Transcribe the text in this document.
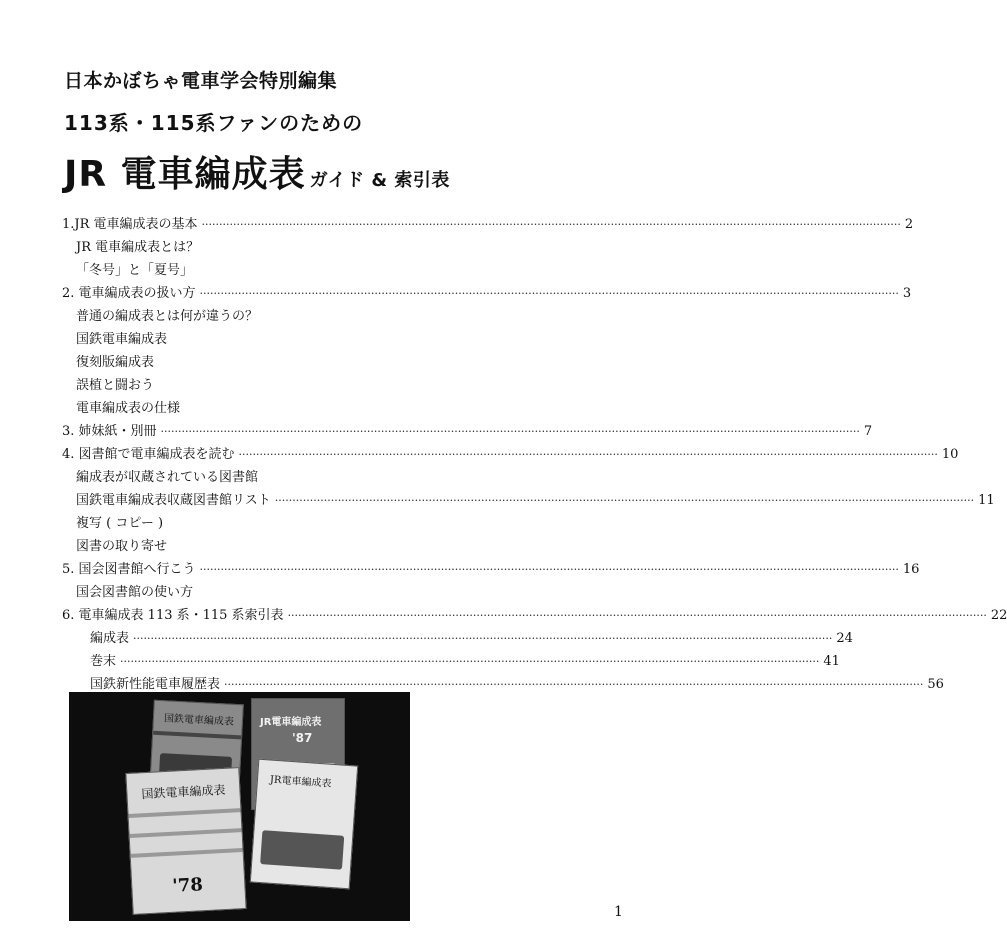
日本かぼちゃ電車学会特別編集
113系・115系ファンのための
JR 電車編成表 ガイド & 索引表
1.JR 電車編成表の基本 ········································································································································································································ 2
JR 電車編成表とは？
「冬号」と「夏号」
2. 電車編成表の扱い方 ········································································································································································································ 3
普通の編成表とは何が違うの？
国鉄電車編成表
復刻版編成表
誤植と闘おう
電車編成表の仕様
3. 姉妹紙・別冊 ········································································································································································································ 7
4. 図書館で電車編成表を読む ········································································································································································································ 10
編成表が収蔵されている図書館
国鉄電車編成表収蔵図書館リスト ········································································································································································································ 11
複写 ( コピー )
図書の取り寄せ
5. 国会図書館へ行こう ········································································································································································································ 16
国会図書館の使い方
6. 電車編成表 113 系・115 系索引表 ········································································································································································································ 22
編成表 ········································································································································································································ 24
巻末 ········································································································································································································ 41
国鉄新性能電車履歴表 ········································································································································································································ 56
国鉄電車編成表	JR電車編成表
'87
国鉄電車編成表
'78
JR電車編成表
1
